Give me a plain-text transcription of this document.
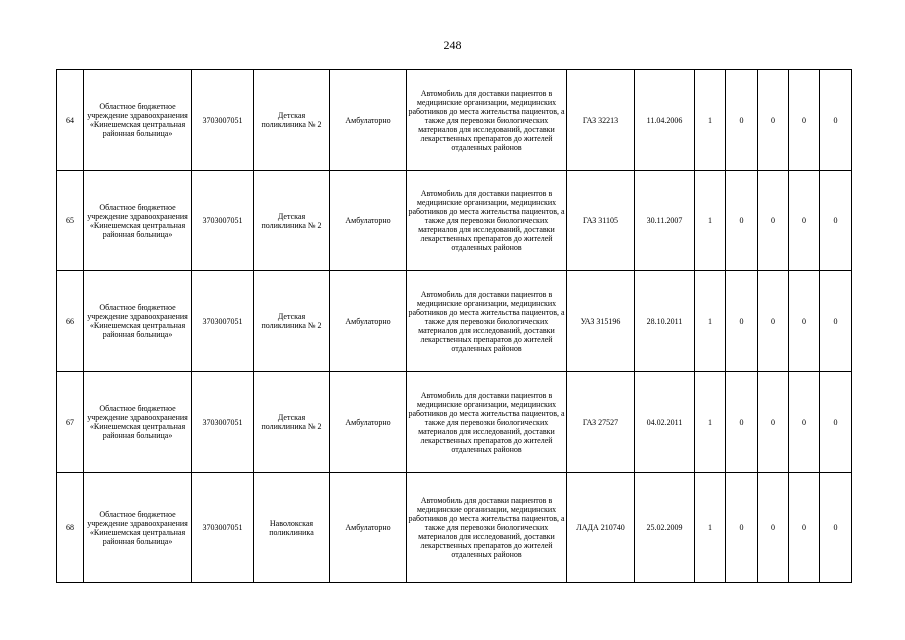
248
64	Областное бюджетное учреждение здравоохранения «Кинешемская центральная районная больница»	3703007051	Детская поликлиника № 2	Амбулаторно	Автомобиль для доставки пациентов в медицинские организации, медицинских работников до места жительства пациентов, а также для перевозки биологических материалов для исследований, доставки лекарственных препаратов до жителей отдаленных районов	ГАЗ 32213	11.04.2006	1	0	0	0	0
65	Областное бюджетное учреждение здравоохранения «Кинешемская центральная районная больница»	3703007051	Детская поликлиника № 2	Амбулаторно	Автомобиль для доставки пациентов в медицинские организации, медицинских работников до места жительства пациентов, а также для перевозки биологических материалов для исследований, доставки лекарственных препаратов до жителей отдаленных районов	ГАЗ 31105	30.11.2007	1	0	0	0	0
66	Областное бюджетное учреждение здравоохранения «Кинешемская центральная районная больница»	3703007051	Детская поликлиника № 2	Амбулаторно	Автомобиль для доставки пациентов в медицинские организации, медицинских работников до места жительства пациентов, а также для перевозки биологических материалов для исследований, доставки лекарственных препаратов до жителей отдаленных районов	УАЗ 315196	28.10.2011	1	0	0	0	0
67	Областное бюджетное учреждение здравоохранения «Кинешемская центральная районная больница»	3703007051	Детская поликлиника № 2	Амбулаторно	Автомобиль для доставки пациентов в медицинские организации, медицинских работников до места жительства пациентов, а также для перевозки биологических материалов для исследований, доставки лекарственных препаратов до жителей отдаленных районов	ГАЗ 27527	04.02.2011	1	0	0	0	0
68	Областное бюджетное учреждение здравоохранения «Кинешемская центральная районная больница»	3703007051	Наволокская поликлиника	Амбулаторно	Автомобиль для доставки пациентов в медицинские организации, медицинских работников до места жительства пациентов, а также для перевозки биологических материалов для исследований, доставки лекарственных препаратов до жителей отдаленных районов	ЛАДА 210740	25.02.2009	1	0	0	0	0
